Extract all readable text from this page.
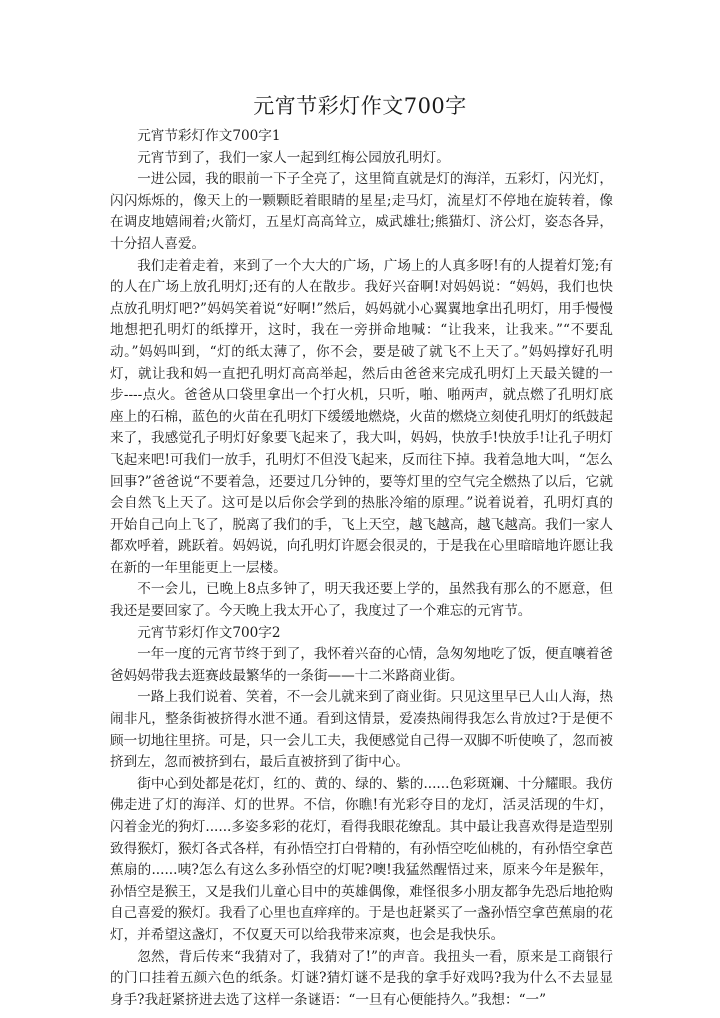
元宵节彩灯作文700字

元宵节彩灯作文700字1

元宵节到了，我们一家人一起到红梅公园放孔明灯。

一进公园，我的眼前一下子全亮了，这里简直就是灯的海洋，五彩灯，闪光灯，闪闪烁烁的，像天上的一颗颗眨着眼睛的星星;走马灯，流星灯不停地在旋转着，像在调皮地嬉闹着;火箭灯，五星灯高高耸立，威武雄壮;熊猫灯、济公灯，姿态各异，十分招人喜爱。

我们走着走着，来到了一个大大的广场，广场上的人真多呀!有的人提着灯笼;有的人在广场上放孔明灯;还有的人在散步。我好兴奋啊!对妈妈说：“妈妈，我们也快点放孔明灯吧?”妈妈笑着说“好啊!”然后，妈妈就小心翼翼地拿出孔明灯，用手慢慢地想把孔明灯的纸撑开，这时，我在一旁拼命地喊：“让我来，让我来。”“不要乱动。”妈妈叫到，“灯的纸太薄了，你不会，要是破了就飞不上天了。”妈妈撑好孔明灯，就让我和妈一直把孔明灯高高举起，然后由爸爸来完成孔明灯上天最关键的一步----点火。爸爸从口袋里拿出一个打火机，只听，啪、啪两声，就点燃了孔明灯底座上的石棉，蓝色的火苗在孔明灯下缓缓地燃烧，火苗的燃烧立刻使孔明灯的纸鼓起来了，我感觉孔子明灯好象要飞起来了，我大叫，妈妈，快放手!快放手!让孔子明灯飞起来吧!可我们一放手，孔明灯不但没飞起来，反而往下掉。我着急地大叫，“怎么回事?”爸爸说“不要着急，还要过几分钟的，要等灯里的空气完全燃热了以后，它就会自然飞上天了。这可是以后你会学到的热胀冷缩的原理。”说着说着，孔明灯真的开始自己向上飞了，脱离了我们的手，飞上天空，越飞越高，越飞越高。我们一家人都欢呼着，跳跃着。妈妈说，向孔明灯许愿会很灵的，于是我在心里暗暗地许愿让我在新的一年里能更上一层楼。

不一会儿，已晚上8点多钟了，明天我还要上学的，虽然我有那么的不愿意，但我还是要回家了。今天晚上我太开心了，我度过了一个难忘的元宵节。

元宵节彩灯作文700字2

一年一度的元宵节终于到了，我怀着兴奋的心情，急匆匆地吃了饭，便直嚷着爸爸妈妈带我去逛赛歧最繁华的一条街——十二米路商业街。

一路上我们说着、笑着，不一会儿就来到了商业街。只见这里早已人山人海，热闹非凡，整条街被挤得水泄不通。看到这情景，爱凑热闹得我怎么肯放过?于是便不顾一切地往里挤。可是，只一会儿工夫，我便感觉自己得一双脚不听使唤了，忽而被挤到左，忽而被挤到右，最后直被挤到了街中心。

街中心到处都是花灯，红的、黄的、绿的、紫的......色彩斑斓、十分耀眼。我仿佛走进了灯的海洋、灯的世界。不信，你瞧!有光彩夺目的龙灯，活灵活现的牛灯，闪着金光的狗灯......多姿多彩的花灯，看得我眼花缭乱。其中最让我喜欢得是造型别致得猴灯，猴灯各式各样，有孙悟空打白骨精的，有孙悟空吃仙桃的，有孙悟空拿芭蕉扇的......咦?怎么有这么多孙悟空的灯呢?噢!我猛然醒悟过来，原来今年是猴年，孙悟空是猴王，又是我们儿童心目中的英雄偶像，难怪很多小朋友都争先恐后地抢购自己喜爱的猴灯。我看了心里也直痒痒的。于是也赶紧买了一盏孙悟空拿芭蕉扇的花灯，并希望这盏灯，不仅夏天可以给我带来凉爽，也会是我快乐。

忽然，背后传来“我猜对了，我猜对了!”的声音。我扭头一看，原来是工商银行的门口挂着五颜六色的纸条。灯谜?猜灯谜不是我的拿手好戏吗?我为什么不去显显身手?我赶紧挤进去选了这样一条谜语：“一旦有心便能持久。”我想：“一”
